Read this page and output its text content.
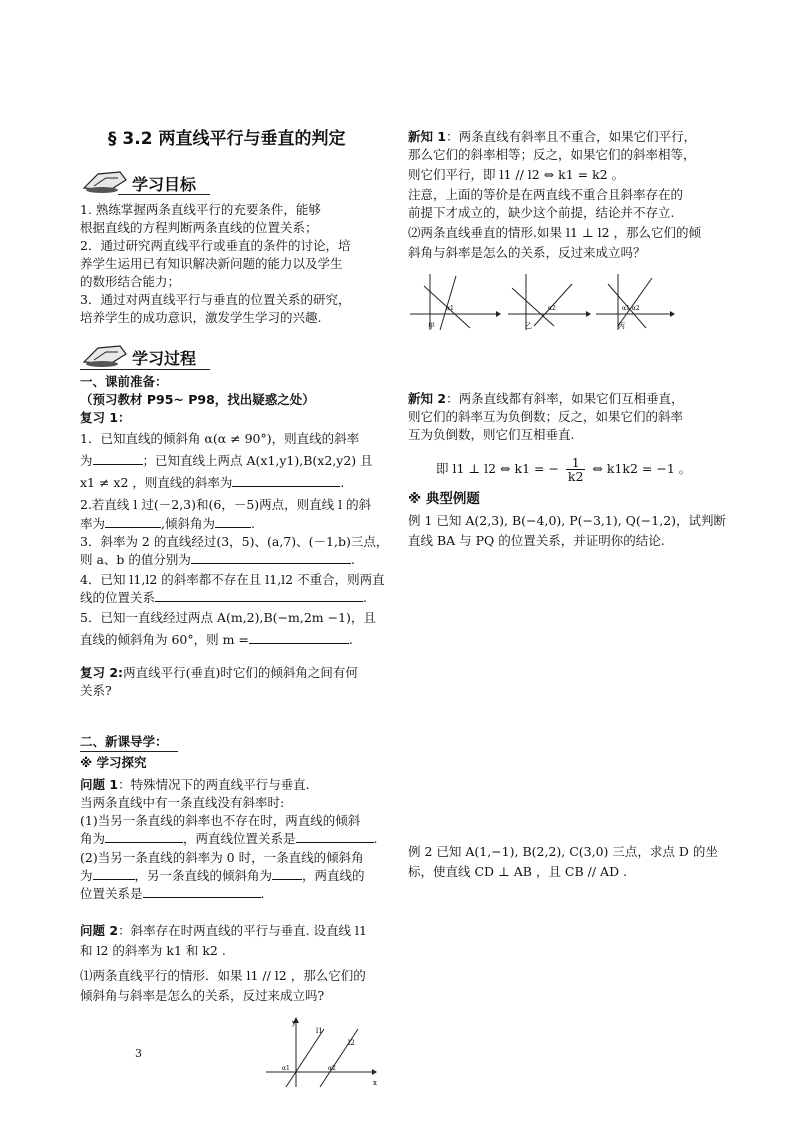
§ 3.2 两直线平行与垂直的判定
学习目标
1. 熟练掌握两条直线平行的充要条件，能够
根据直线的方程判断两条直线的位置关系；
2．通过研究两直线平行或垂直的条件的讨论，培
养学生运用已有知识解决新问题的能力以及学生
的数形结合能力；
3．通过对两直线平行与垂直的位置关系的研究，
培养学生的成功意识，激发学生学习的兴趣.
学习过程
一、课前准备：
（预习教材 P95~ P98，找出疑惑之处）
复习 1：
1．已知直线的倾斜角 α(α ≠ 90°)，则直线的斜率
为	；已知直线上两点 A(x1,y1),B(x2,y2) 且
x1 ≠ x2 ，则直线的斜率为	.
2.若直线 l 过(－2,3)和(6，－5)两点，则直线 l 的斜
率为	,倾斜角为	.
3．斜率为 2 的直线经过(3，5)、(a,7)、(－1,b)三点，
则 a、b 的值分别为	.
4．已知 l1,l2 的斜率都不存在且 l1,l2 不重合，则两直
线的位置关系	.
5．已知一直线经过两点 A(m,2),B(−m,2m −1)，且
直线的倾斜角为 60°，则 m =	.
复习 2:两直线平行(垂直)时它们的倾斜角之间有何
关系?
二、新课导学：
※ 学习探究
问题 1：特殊情况下的两直线平行与垂直.
当两条直线中有一条直线没有斜率时:
(1)当另一条直线的斜率也不存在时，两直线的倾斜
角为	，两直线位置关系是	.
(2)当另一条直线的斜率为 0 时，一条直线的倾斜角
为	，另一条直线的倾斜角为 ，两直线的
位置关系是	.
问题 2：斜率存在时两直线的平行与垂直. 设直线 l1
和 l2 的斜率为 k1 和 k2 .
⑴两条直线平行的情形．如果 l1 // l2 ，那么它们的
倾斜角与斜率是怎么的关系，反过来成立吗?
y
x
l1
l2
α1	α2
3
新知 1：两条直线有斜率且不重合，如果它们平行，
那么它们的斜率相等；反之，如果它们的斜率相等，
则它们平行，即 l1 // l2 ⇔ k1 = k2 。
注意，上面的等价是在两直线不重合且斜率存在的
前提下才成立的，缺少这个前提，结论并不存立.
⑵两条直线垂直的情形.如果 l1 ⊥ l2 ，那么它们的倾
斜角与斜率是怎么的关系，反过来成立吗？
α1
甲
α2
乙
α1 α2
丙
新知 2：两条直线都有斜率，如果它们互相垂直，
则它们的斜率互为负倒数；反之，如果它们的斜率
互为负倒数，则它们互相垂直.
即 l1 ⊥ l2 ⇔ k1 = − $\frac{1}{k2}$ ⇔ k1k2 = −1 。
※ 典型例题
例 1 已知 A(2,3), B(−4,0), P(−3,1), Q(−1,2)，试判断
直线 BA 与 PQ 的位置关系，并证明你的结论.
例 2 已知 A(1,−1), B(2,2), C(3,0) 三点，求点 D 的坐
标，使直线 CD ⊥ AB ，且 CB // AD .
